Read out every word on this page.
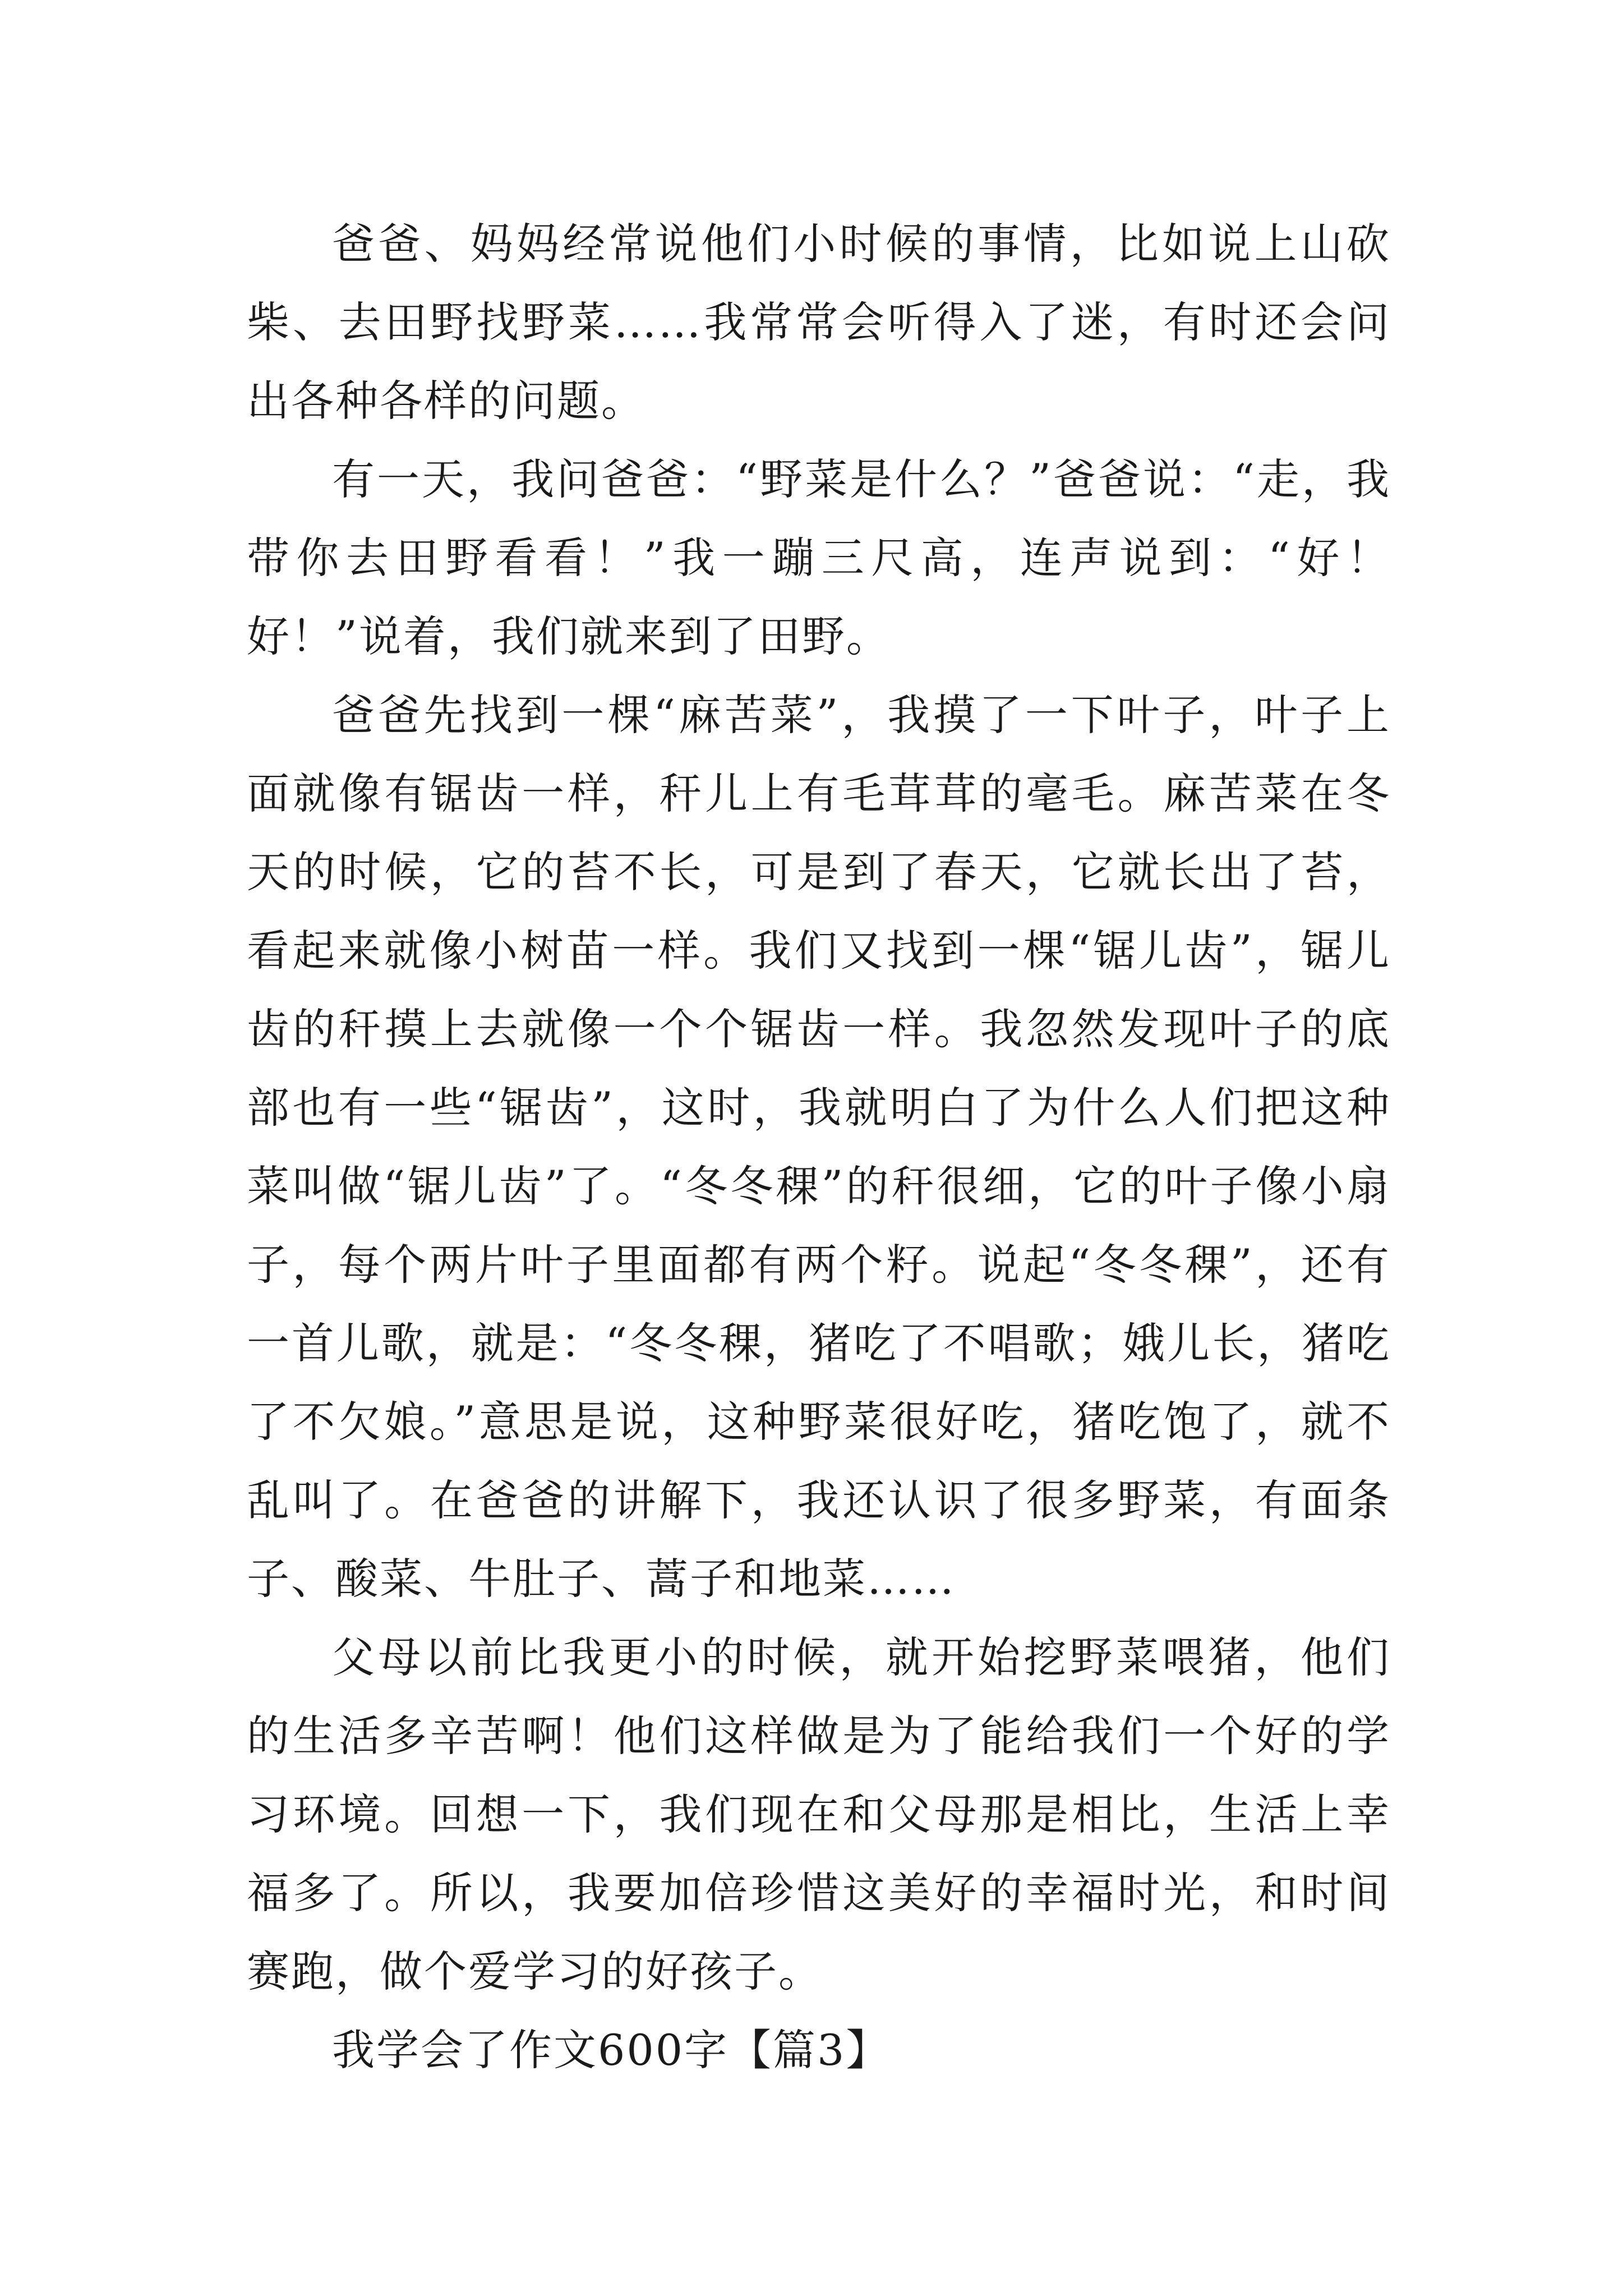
爸爸、妈妈经常说他们小时候的事情，比如说上山砍柴、去田野找野菜……我常常会听得入了迷，有时还会问出各种各样的问题。

有一天，我问爸爸：“野菜是什么？”爸爸说：“走，我带你去田野看看！”我一蹦三尺高，连声说到：“好！好！”说着，我们就来到了田野。

爸爸先找到一棵“麻苦菜”，我摸了一下叶子，叶子上面就像有锯齿一样，秆儿上有毛茸茸的毫毛。麻苦菜在冬天的时候，它的苔不长，可是到了春天，它就长出了苔，看起来就像小树苗一样。我们又找到一棵“锯儿齿”，锯儿齿的秆摸上去就像一个个锯齿一样。我忽然发现叶子的底部也有一些“锯齿”，这时，我就明白了为什么人们把这种菜叫做“锯儿齿”了。“冬冬稞”的秆很细，它的叶子像小扇子，每个两片叶子里面都有两个籽。说起“冬冬稞”，还有一首儿歌，就是：“冬冬稞，猪吃了不唱歌；娥儿长，猪吃了不欠娘。”意思是说，这种野菜很好吃，猪吃饱了，就不乱叫了。在爸爸的讲解下，我还认识了很多野菜，有面条子、酸菜、牛肚子、蒿子和地菜……

父母以前比我更小的时候，就开始挖野菜喂猪，他们的生活多辛苦啊！他们这样做是为了能给我们一个好的学习环境。回想一下，我们现在和父母那是相比，生活上幸福多了。所以，我要加倍珍惜这美好的幸福时光，和时间赛跑，做个爱学习的好孩子。

我学会了作文600字【篇3】
